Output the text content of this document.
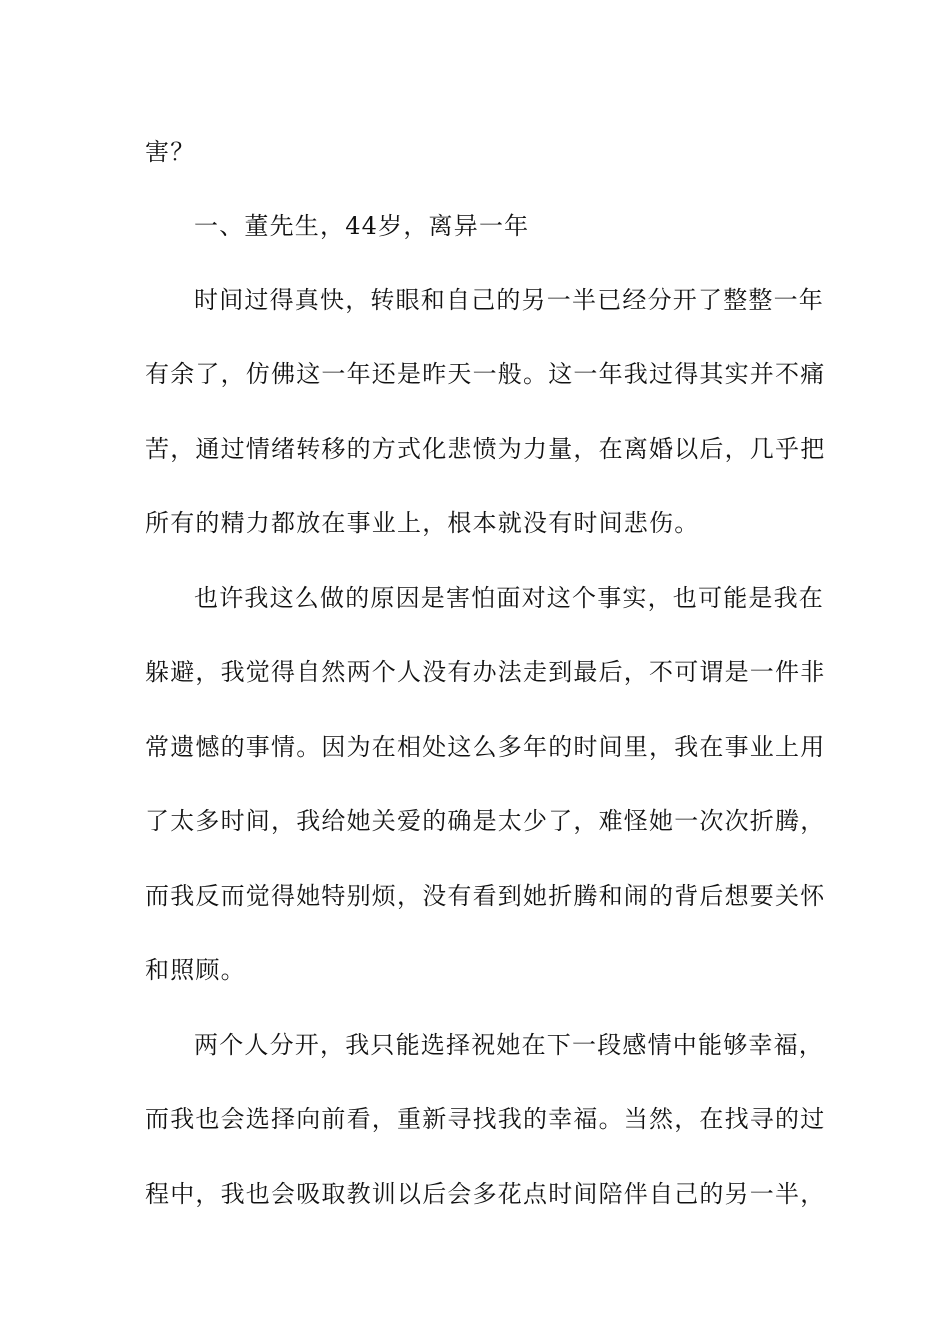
害？
一、董先生，44岁，离异一年
时间过得真快，转眼和自己的另一半已经分开了整整一年
有余了，仿佛这一年还是昨天一般。这一年我过得其实并不痛
苦，通过情绪转移的方式化悲愤为力量，在离婚以后，几乎把
所有的精力都放在事业上，根本就没有时间悲伤。
也许我这么做的原因是害怕面对这个事实，也可能是我在
躲避，我觉得自然两个人没有办法走到最后，不可谓是一件非
常遗憾的事情。因为在相处这么多年的时间里，我在事业上用
了太多时间，我给她关爱的确是太少了，难怪她一次次折腾，
而我反而觉得她特别烦，没有看到她折腾和闹的背后想要关怀
和照顾。
两个人分开，我只能选择祝她在下一段感情中能够幸福，
而我也会选择向前看，重新寻找我的幸福。当然，在找寻的过
程中，我也会吸取教训以后会多花点时间陪伴自己的另一半，
